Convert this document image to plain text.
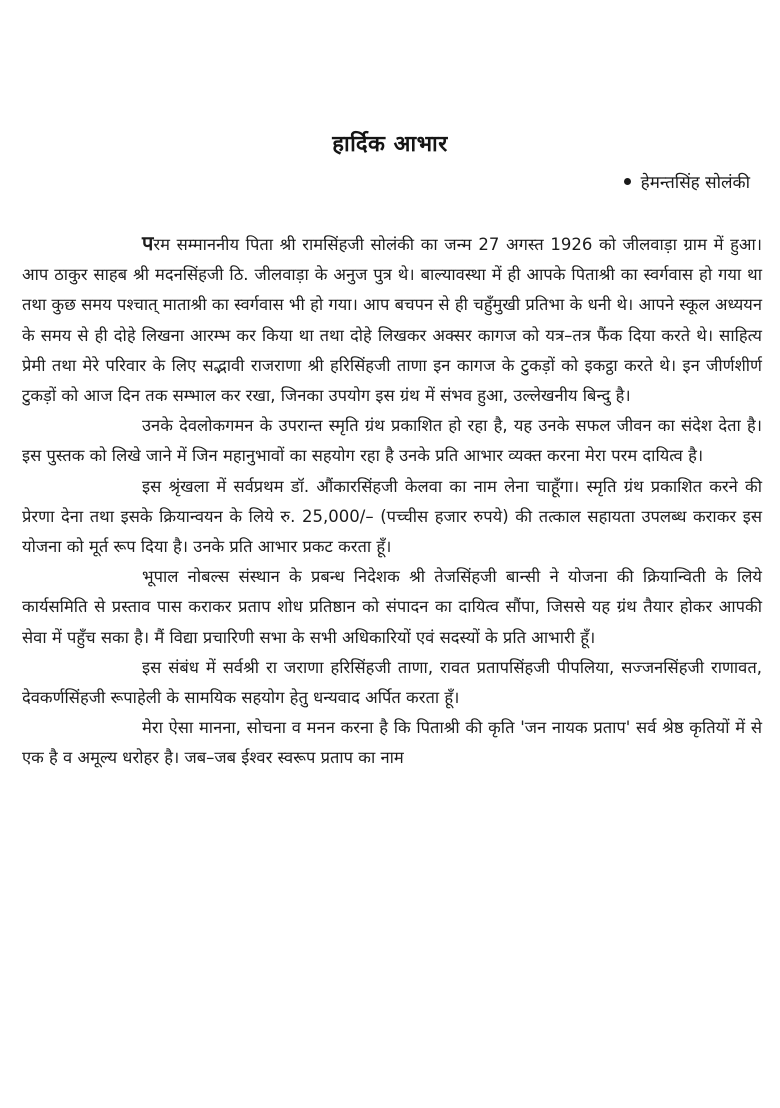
हार्दिक आभार
हेमन्तसिंह सोलंकी

परम सम्माननीय पिता श्री रामसिंहजी सोलंकी का जन्म 27 अगस्त 1926 को जीलवाड़ा ग्राम में हुआ। आप ठाकुर साहब श्री मदनसिंहजी ठि. जीलवाड़ा के अनुज पुत्र थे। बाल्यावस्था में ही आपके पिताश्री का स्वर्गवास हो गया था तथा कुछ समय पश्चात् माताश्री का स्वर्गवास भी हो गया। आप बचपन से ही चहुँमुखी प्रतिभा के धनी थे। आपने स्कूल अध्ययन के समय से ही दोहे लिखना आरम्भ कर किया था तथा दोहे लिखकर अक्सर कागज को यत्र–तत्र फैंक दिया करते थे। साहित्य प्रेमी तथा मेरे परिवार के लिए सद्भावी राजराणा श्री हरिसिंहजी ताणा इन कागज के टुकड़ों को इकट्ठा करते थे। इन जीर्णशीर्ण टुकड़ों को आज दिन तक सम्भाल कर रखा, जिनका उपयोग इस ग्रंथ में संभव हुआ, उल्लेखनीय बिन्दु है।

उनके देवलोकगमन के उपरान्त स्मृति ग्रंथ प्रकाशित हो रहा है, यह उनके सफल जीवन का संदेश देता है। इस पुस्तक को लिखे जाने में जिन महानुभावों का सहयोग रहा है उनके प्रति आभार व्यक्त करना मेरा परम दायित्व है।

इस श्रृंखला में सर्वप्रथम डॉ. औंकारसिंहजी केलवा का नाम लेना चाहूँगा। स्मृति ग्रंथ प्रकाशित करने की प्रेरणा देना तथा इसके क्रियान्वयन के लिये रु. 25,000/– (पच्चीस हजार रुपये) की तत्काल सहायता उपलब्ध कराकर इस योजना को मूर्त रूप दिया है। उनके प्रति आभार प्रकट करता हूँ।

भूपाल नोबल्स संस्थान के प्रबन्ध निदेशक श्री तेजसिंहजी बान्सी ने योजना की क्रियान्विती के लिये कार्यसमिति से प्रस्ताव पास कराकर प्रताप शोध प्रतिष्ठान को संपादन का दायित्व सौंपा, जिससे यह ग्रंथ तैयार होकर आपकी सेवा में पहुँच सका है। मैं विद्या प्रचारिणी सभा के सभी अधिकारियों एवं सदस्यों के प्रति आभारी हूँ।

इस संबंध में सर्वश्री रा जराणा हरिसिंहजी ताणा, रावत प्रतापसिंहजी पीपलिया, सज्जनसिंहजी राणावत, देवकर्णसिंहजी रूपाहेली के सामयिक सहयोग हेतु धन्यवाद अर्पित करता हूँ।

मेरा ऐसा मानना, सोचना व मनन करना है कि पिताश्री की कृति 'जन नायक प्रताप' सर्व श्रेष्ठ कृतियों में से एक है व अमूल्य धरोहर है। जब–जब ईश्वर स्वरूप प्रताप का नाम
